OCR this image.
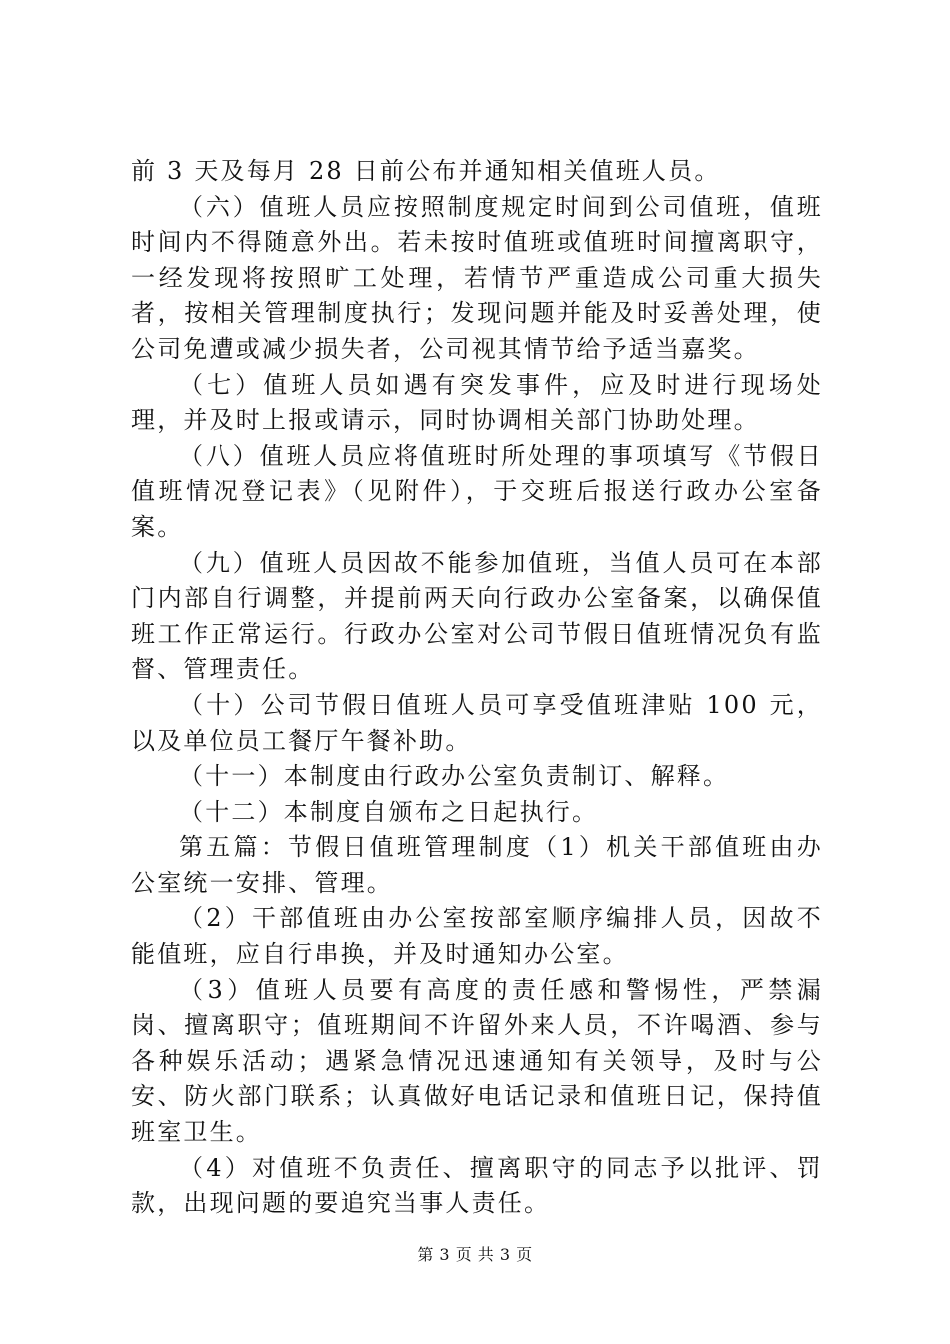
前 3 天及每月 28 日前公布并通知相关值班人员。

（六）值班人员应按照制度规定时间到公司值班，值班时间内不得随意外出。若未按时值班或值班时间擅离职守，一经发现将按照旷工处理，若情节严重造成公司重大损失者，按相关管理制度执行；发现问题并能及时妥善处理，使公司免遭或减少损失者，公司视其情节给予适当嘉奖。

（七）值班人员如遇有突发事件，应及时进行现场处理，并及时上报或请示，同时协调相关部门协助处理。

（八）值班人员应将值班时所处理的事项填写《节假日值班情况登记表》（见附件），于交班后报送行政办公室备案。

（九）值班人员因故不能参加值班，当值人员可在本部门内部自行调整，并提前两天向行政办公室备案，以确保值班工作正常运行。行政办公室对公司节假日值班情况负有监督、管理责任。

（十）公司节假日值班人员可享受值班津贴 100 元，以及单位员工餐厅午餐补助。

（十一）本制度由行政办公室负责制订、解释。

（十二）本制度自颁布之日起执行。

第五篇：节假日值班管理制度（1）机关干部值班由办公室统一安排、管理。

（2）干部值班由办公室按部室顺序编排人员，因故不能值班，应自行串换，并及时通知办公室。

（3）值班人员要有高度的责任感和警惕性，严禁漏岗、擅离职守；值班期间不许留外来人员，不许喝酒、参与各种娱乐活动；遇紧急情况迅速通知有关领导，及时与公安、防火部门联系；认真做好电话记录和值班日记，保持值班室卫生。

（4）对值班不负责任、擅离职守的同志予以批评、罚款，出现问题的要追究当事人责任。

第 3 页 共 3 页
